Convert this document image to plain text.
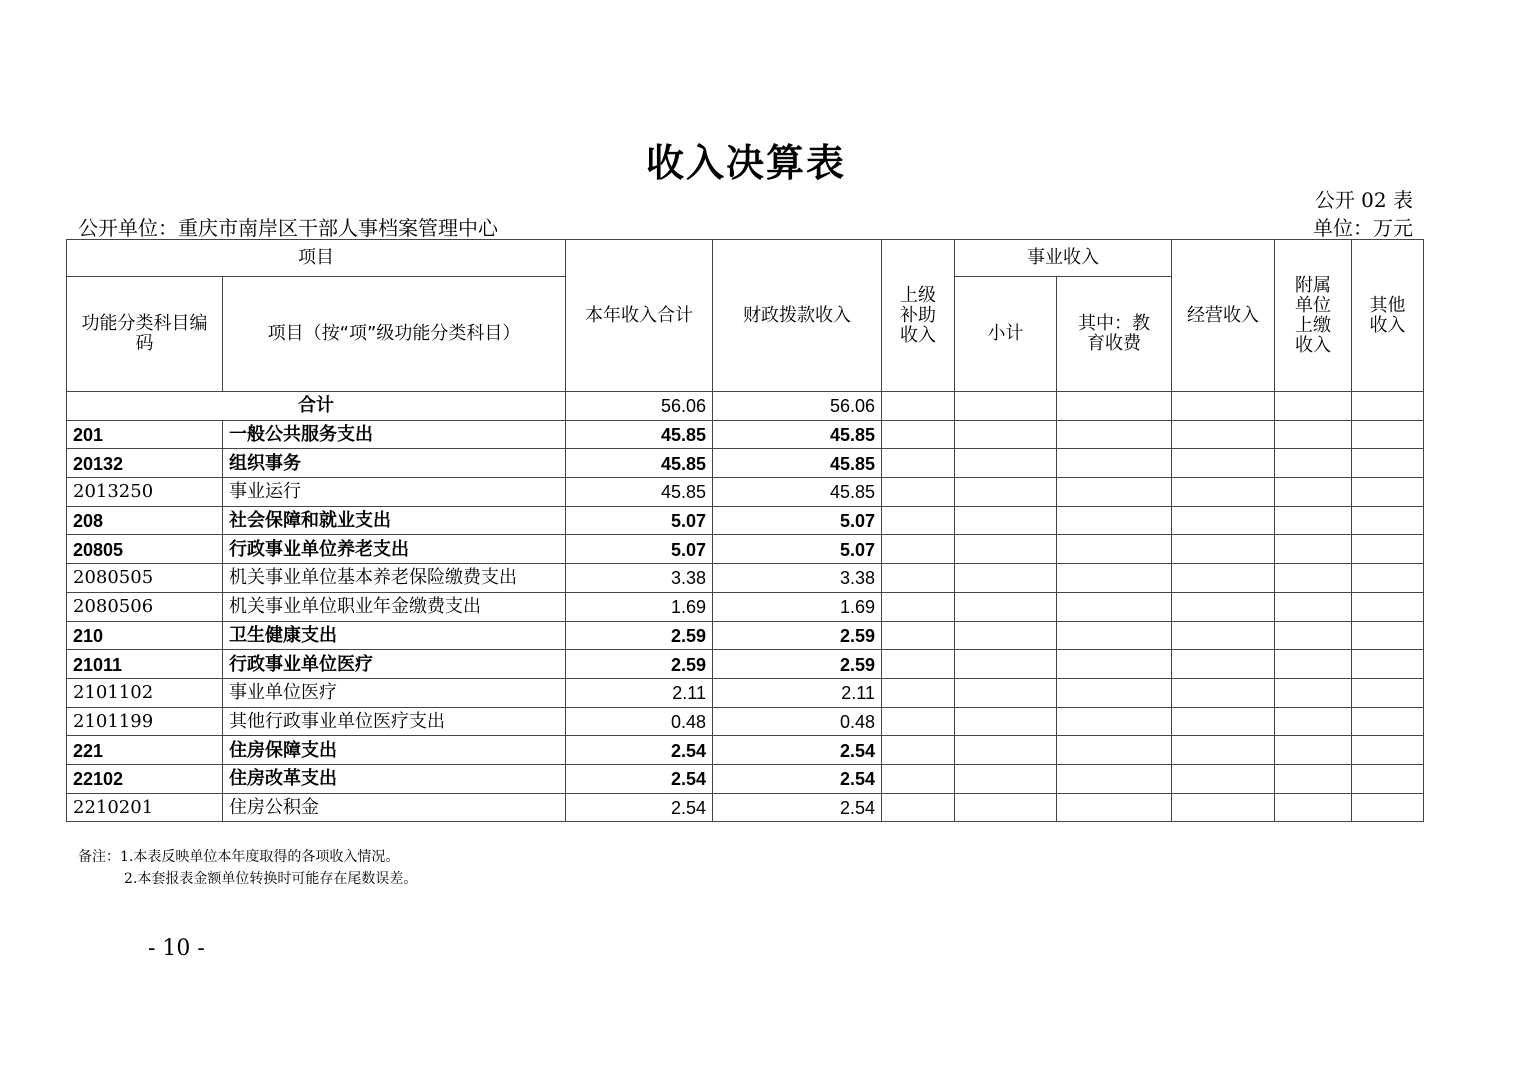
收入决算表
公开 02 表
公开单位：重庆市南岸区干部人事档案管理中心	单位：万元
项目		本年收入合计	财政拨款收入	上级补助收入	事业收入		经营收入	附属单位上缴收入	其他收入
功能分类科目编码	项目（按“项”级功能分类科目）				小计	其中：教育收费			
合计		56.06	56.06						
201	一般公共服务支出	45.85	45.85						
20132	组织事务	45.85	45.85						
2013250	事业运行	45.85	45.85						
208	社会保障和就业支出	5.07	5.07						
20805	行政事业单位养老支出	5.07	5.07						
2080505	机关事业单位基本养老保险缴费支出	3.38	3.38						
2080506	机关事业单位职业年金缴费支出	1.69	1.69						
210	卫生健康支出	2.59	2.59						
21011	行政事业单位医疗	2.59	2.59						
2101102	事业单位医疗	2.11	2.11						
2101199	其他行政事业单位医疗支出	0.48	0.48						
221	住房保障支出	2.54	2.54						
22102	住房改革支出	2.54	2.54						
2210201	住房公积金	2.54	2.54						
备注：1.本表反映单位本年度取得的各项收入情况。
2.本套报表金额单位转换时可能存在尾数误差。
- 10 -
